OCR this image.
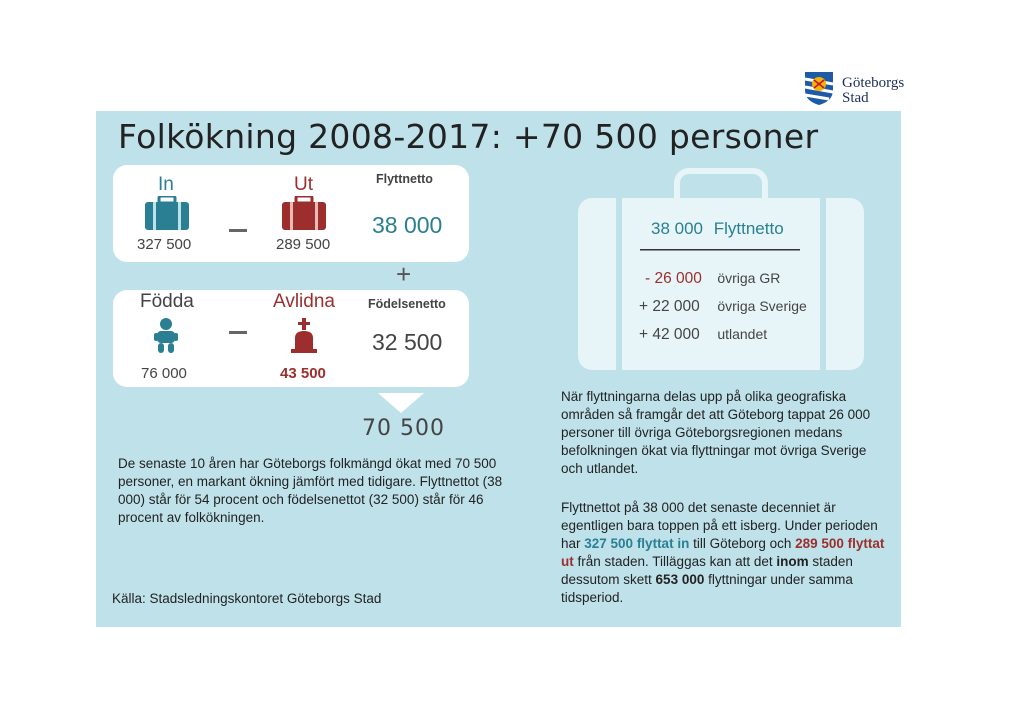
Göteborgs
Stad
Folkökning 2008-2017: +70 500 personer
In
327 500
Ut
289 500
Flyttnetto
38 000
+
Födda
76 000
Avlidna
43 500
Födelsenetto
32 500
70 500
De senaste 10 åren har Göteborgs folkmängd ökat med 70 500 personer, en markant ökning jämfört med tidigare. Flyttnettot (38 000) står för 54 procent och födelsenettot (32 500) står för 46 procent av folkökningen.
Källa: Stadsledningskontoret Göteborgs Stad
38 000 Flyttnetto
- 26 000 övriga GR
+ 22 000 övriga Sverige
+ 42 000 utlandet
När flyttningarna delas upp på olika geografiska områden så framgår det att Göteborg tappat 26 000 personer till övriga Göteborgsregionen medans befolkningen ökat via flyttningar mot övriga Sverige och utlandet.
Flyttnettot på 38 000 det senaste decenniet är egentligen bara toppen på ett isberg. Under perioden har 327 500 flyttat in till Göteborg och 289 500 flyttat ut från staden. Tilläggas kan att det inom staden dessutom skett 653 000 flyttningar under samma tidsperiod.
